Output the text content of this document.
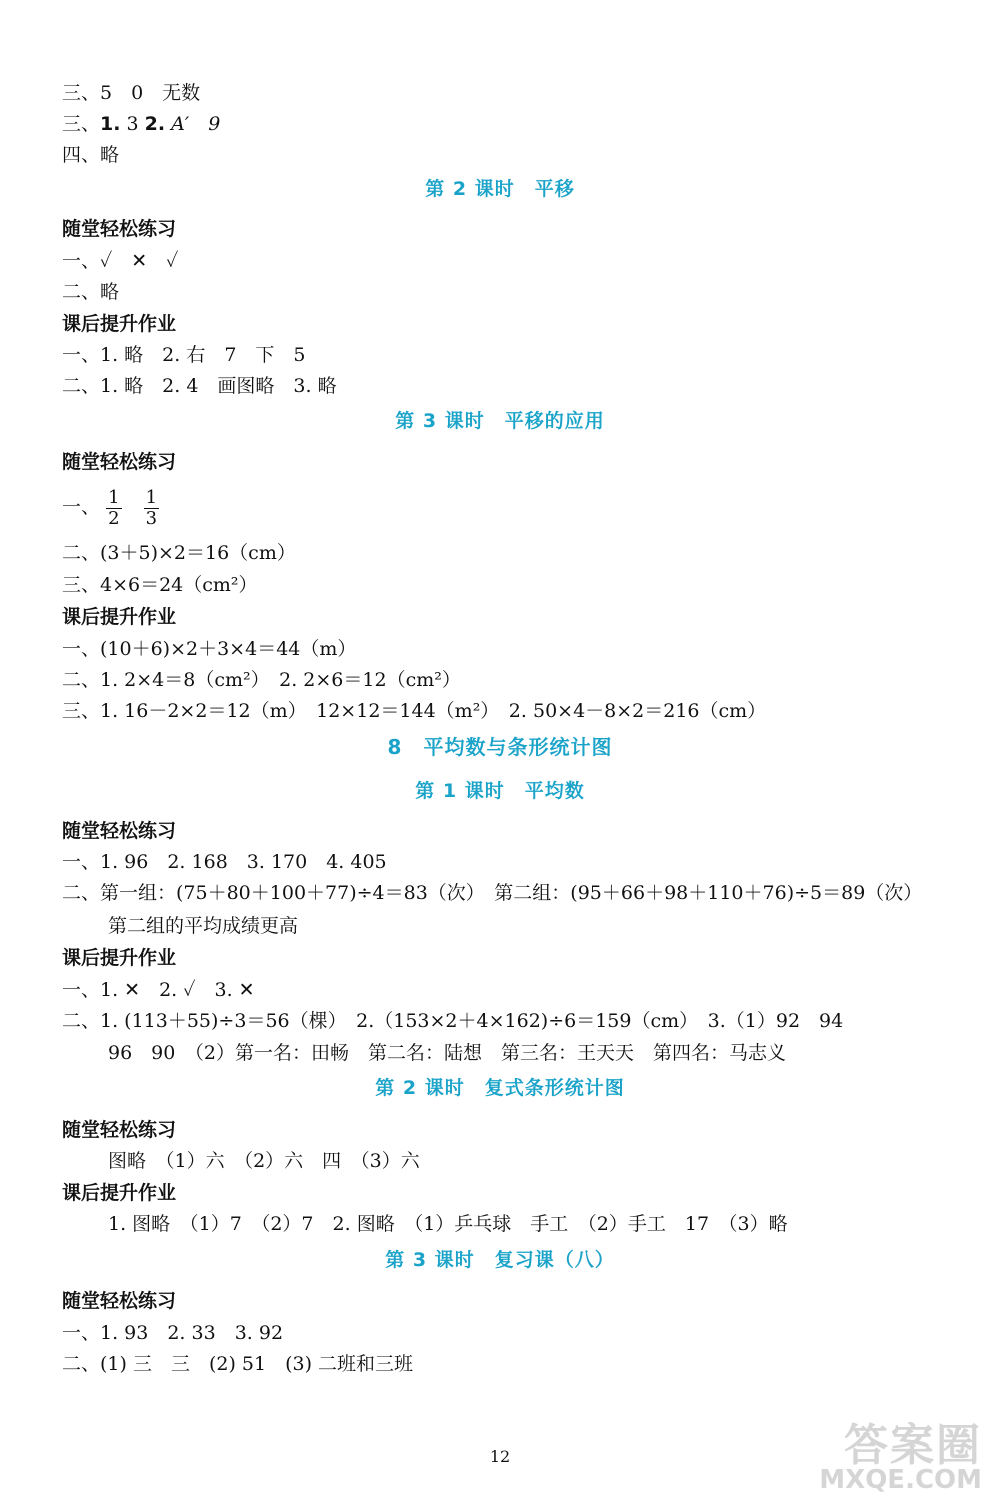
三、5　0　无数
三、1. 3 2. A′　9
四、略
第 2 课时　平移
随堂轻松练习
一、✓　✕　✓
二、略
课后提升作业
一、1. 略　2. 右　7　下　5
二、1. 略　2. 4　画图略　3. 略
第 3 课时　平移的应用
随堂轻松练习
一、 $\frac{1}{2}$
$\frac{1}{3}$
二、(3＋5)×2＝16（cm）
三、4×6＝24（cm²）
课后提升作业
一、(10＋6)×2＋3×4＝44（m）
二、1. 2×4＝8（cm²）　2. 2×6＝12（cm²）
三、1. 16－2×2＝12（m）　12×12＝144（m²）　2. 50×4－8×2＝216（cm）
8　平均数与条形统计图
第 1 课时　平均数
随堂轻松练习
一、1. 96　2. 168　3. 170　4. 405
二、第一组：(75＋80＋100＋77)÷4＝83（次）　第二组：(95＋66＋98＋110＋76)÷5＝89（次）
第二组的平均成绩更高
课后提升作业
一、1. ✕　2. ✓　3. ✕
二、1. (113＋55)÷3＝56（棵）　2.（153×2＋4×162)÷6＝159（cm）　3.（1）92　94
96　90　（2）第一名：田畅　第二名：陆想　第三名：王天天　第四名：马志义
第 2 课时　复式条形统计图
随堂轻松练习
图略　（1）六　（2）六　四　（3）六
课后提升作业
1. 图略　（1）7　（2）7　2. 图略　（1）乒乓球　手工　（2）手工　17　（3）略
第 3 课时　复习课（八）
随堂轻松练习
一、1. 93　2. 33　3. 92
二、(1) 三　三　(2) 51　(3) 二班和三班
12	答案圈
MXQE.COM
